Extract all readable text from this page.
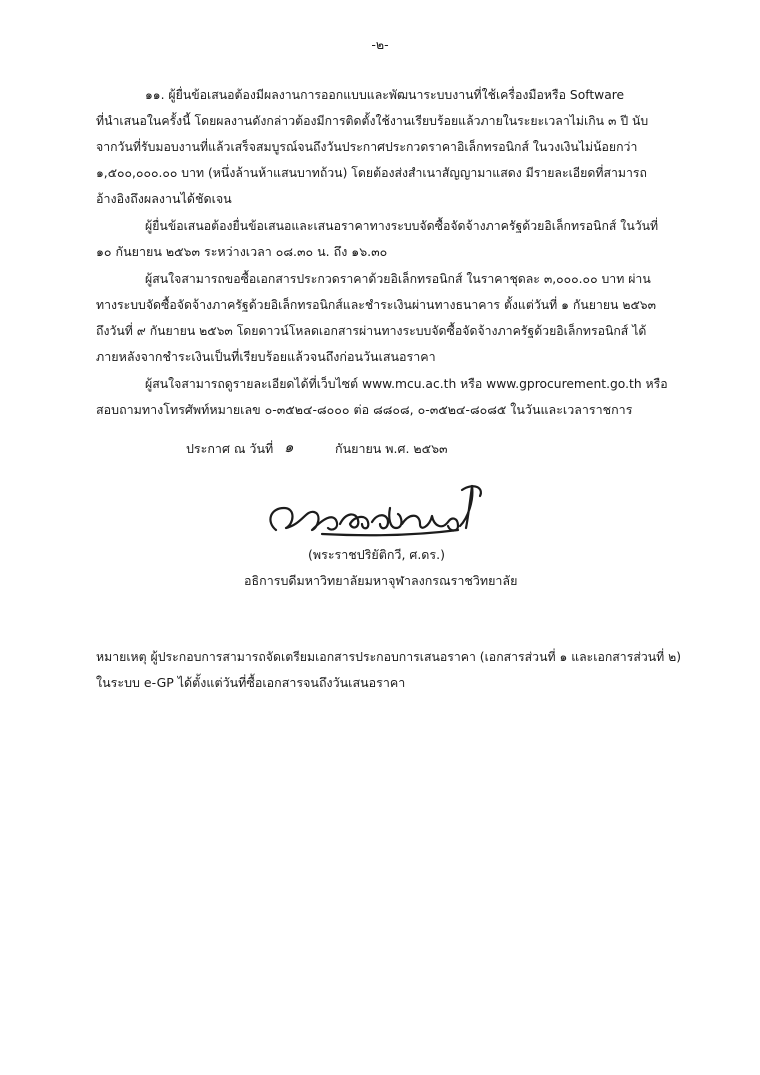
-๒-
๑๑. ผู้ยื่นข้อเสนอต้องมีผลงานการออกแบบและพัฒนาระบบงานที่ใช้เครื่องมือหรือ Software
ที่นำเสนอในครั้งนี้ โดยผลงานดังกล่าวต้องมีการติดตั้งใช้งานเรียบร้อยแล้วภายในระยะเวลาไม่เกิน ๓ ปี นับ
จากวันที่รับมอบงานที่แล้วเสร็จสมบูรณ์จนถึงวันประกาศประกวดราคาอิเล็กทรอนิกส์ ในวงเงินไม่น้อยกว่า
๑,๕๐๐,๐๐๐.๐๐ บาท (หนึ่งล้านห้าแสนบาทถ้วน) โดยต้องส่งสำเนาสัญญามาแสดง มีรายละเอียดที่สามารถ
อ้างอิงถึงผลงานได้ชัดเจน
ผู้ยื่นข้อเสนอต้องยื่นข้อเสนอและเสนอราคาทางระบบจัดซื้อจัดจ้างภาครัฐด้วยอิเล็กทรอนิกส์ ในวันที่
๑๐ กันยายน ๒๕๖๓ ระหว่างเวลา ๐๘.๓๐ น. ถึง ๑๖.๓๐
ผู้สนใจสามารถขอซื้อเอกสารประกวดราคาด้วยอิเล็กทรอนิกส์ ในราคาชุดละ ๓,๐๐๐.๐๐ บาท ผ่าน
ทางระบบจัดซื้อจัดจ้างภาครัฐด้วยอิเล็กทรอนิกส์และชำระเงินผ่านทางธนาคาร ตั้งแต่วันที่ ๑ กันยายน ๒๕๖๓
ถึงวันที่ ๙ กันยายน ๒๕๖๓ โดยดาวน์โหลดเอกสารผ่านทางระบบจัดซื้อจัดจ้างภาครัฐด้วยอิเล็กทรอนิกส์ ได้
ภายหลังจากชำระเงินเป็นที่เรียบร้อยแล้วจนถึงก่อนวันเสนอราคา
ผู้สนใจสามารถดูรายละเอียดได้ที่เว็บไซต์ www.mcu.ac.th หรือ www.gprocurement.go.th หรือ
สอบถามทางโทรศัพท์หมายเลข ๐-๓๕๒๔-๘๐๐๐ ต่อ ๘๘๐๘, ๐-๓๕๒๔-๘๐๘๕ ในวันและเวลาราชการ
ประกาศ ณ วันที่ ๑	กันยายน พ.ศ. ๒๕๖๓
(พระราชปริยัติกวี, ศ.ดร.)
อธิการบดีมหาวิทยาลัยมหาจุฬาลงกรณราชวิทยาลัย
หมายเหตุ ผู้ประกอบการสามารถจัดเตรียมเอกสารประกอบการเสนอราคา (เอกสารส่วนที่ ๑ และเอกสารส่วนที่ ๒)
ในระบบ e-GP ได้ตั้งแต่วันที่ซื้อเอกสารจนถึงวันเสนอราคา
